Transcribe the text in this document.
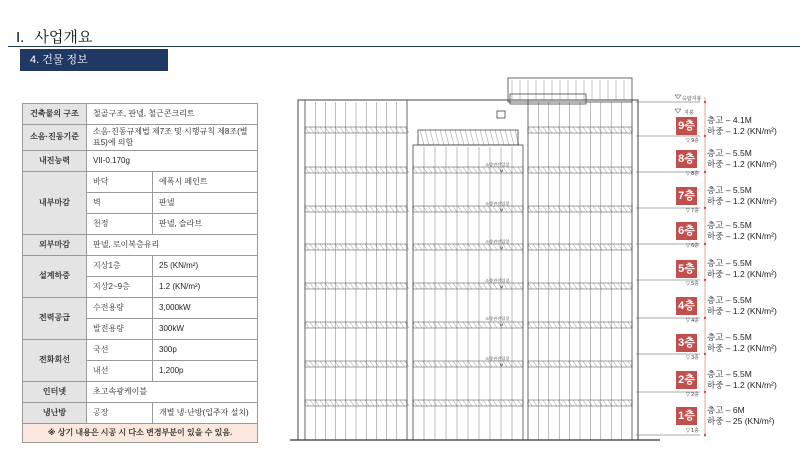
I. 사업개요
4. 건물 정보
건축물의 구조	철골구조, 판넬, 철근콘크리트	
소음·진동기준	소음·진동규제법 제7조 및 시행규칙 제8조(별표5)에 의함	
내진능력	VII-0.170g	
내부마감	바닥	에폭시 페인트
	벽	판넬
	천정	판넬, 슬라브
외부마감	판넬, 로이복층유리	
설계하중	지상1층	25 (KN/m²)
	지상2~9층	1.2 (KN/m²)
전력공급	수전용량	3,000kW
	발전용량	300kW
전화회선	국선	300p
	내선	1,200p
인터넷	초고속광케이블	
냉난방	공장	개별 냉·난방(입주자 설치)
※ 상기 내용은 시공 시 다소 변경부분이 있을 수 있음.		
소방관진입창
M
소방관진입창
M
소방관진입창
M
소방관진입창
M
소방관진입창
M
소방관진입창
M
옥탑지붕
지붕
9층 층고 – 4.1M
하중 – 1.2 (KN/m²)
▽ 9층
8층 층고 – 5.5M
하중 – 1.2 (KN/m²)
▽ 8층
7층 층고 – 5.5M
하중 – 1.2 (KN/m²)
▽ 7층
6층 층고 – 5.5M
하중 – 1.2 (KN/m²)
▽ 6층
5층 층고 – 5.5M
하중 – 1.2 (KN/m²)
▽ 5층
4층 층고 – 5.5M
하중 – 1.2 (KN/m²)
▽ 4층
3층 층고 – 5.5M
하중 – 1.2 (KN/m²)
▽ 3층
2층 층고 – 5.5M
하중 – 1.2 (KN/m²)
▽ 2층
1층 층고 – 6M
하중 – 25 (KN/m²)
▽ 1층
